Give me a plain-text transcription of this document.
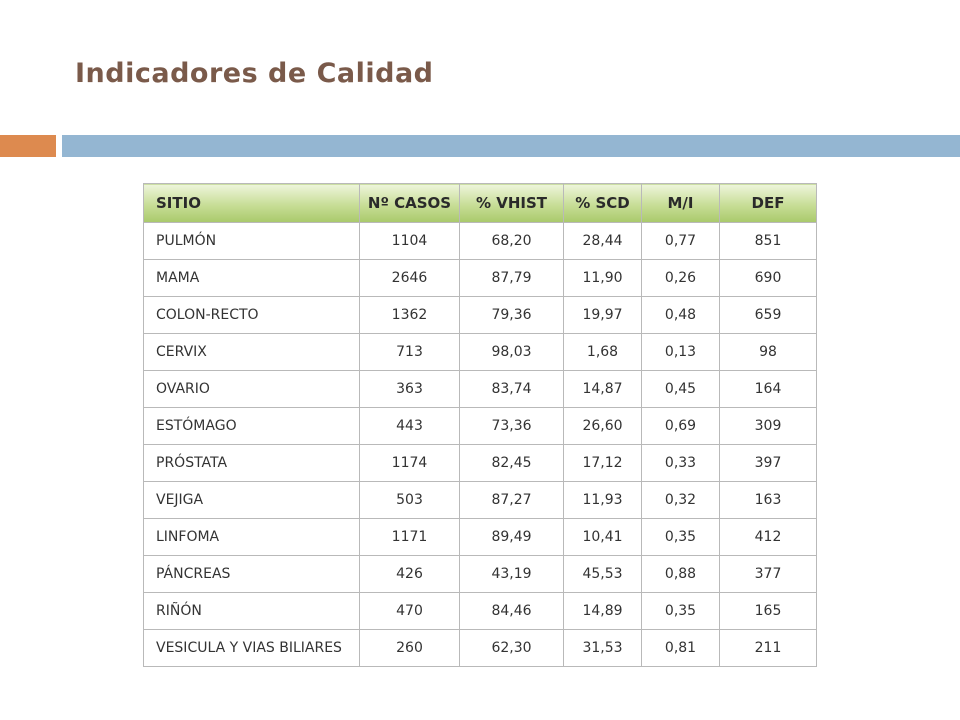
Indicadores de Calidad
SITIO	Nº CASOS	% VHIST	% SCD	M/I	DEF
PULMÓN	1104	68,20	28,44	0,77	851
MAMA	2646	87,79	11,90	0,26	690
COLON-RECTO	1362	79,36	19,97	0,48	659
CERVIX	713	98,03	1,68	0,13	98
OVARIO	363	83,74	14,87	0,45	164
ESTÓMAGO	443	73,36	26,60	0,69	309
PRÓSTATA	1174	82,45	17,12	0,33	397
VEJIGA	503	87,27	11,93	0,32	163
LINFOMA	1171	89,49	10,41	0,35	412
PÁNCREAS	426	43,19	45,53	0,88	377
RIÑÓN	470	84,46	14,89	0,35	165
VESICULA Y VIAS BILIARES	260	62,30	31,53	0,81	211
